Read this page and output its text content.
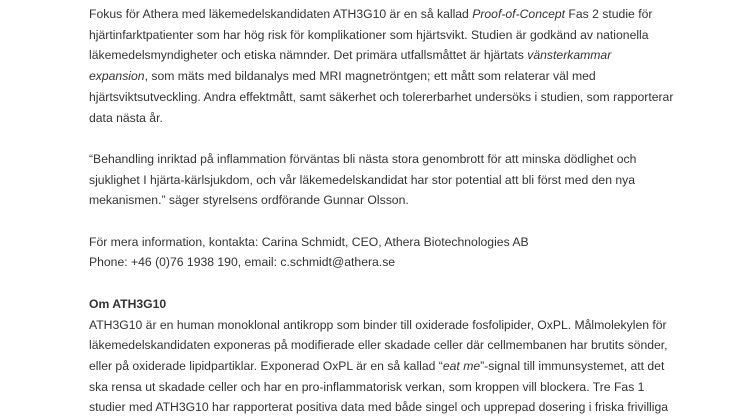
Fokus för Athera med läkemedelskandidaten ATH3G10 är en så kallad Proof-of-Concept Fas 2 studie för
hjärtinfarktpatienter som har hög risk för komplikationer som hjärtsvikt. Studien är godkänd av nationella
läkemedelsmyndigheter och etiska nämnder. Det primära utfallsmåttet är hjärtats vänsterkammar
expansion, som mäts med bildanalys med MRI magnetröntgen; ett mått som relaterar väl med
hjärtsviktsutveckling. Andra effektmått, samt säkerhet och tolererbarhet undersöks i studien, som rapporterar
data nästa år.
“Behandling inriktad på inflammation förväntas bli nästa stora genombrott för att minska dödlighet och
sjuklighet I hjärta-kärlsjukdom, och vår läkemedelskandidat har stor potential att bli först med den nya
mekanismen.” säger styrelsens ordförande Gunnar Olsson.
För mera information, kontakta: Carina Schmidt, CEO, Athera Biotechnologies AB
Phone: +46 (0)76 1938 190, email: c.schmidt@athera.se
Om ATH3G10
ATH3G10 är en human monoklonal antikropp som binder till oxiderade fosfolipider, OxPL. Målmolekylen för
läkemedelskandidaten exponeras på modifierade eller skadade celler där cellmembanen har brutits sönder,
eller på oxiderade lipidpartiklar. Exponerad OxPL är en så kallad “eat me”-signal till immunsystemet, att det
ska rensa ut skadade celler och har en pro-inflammatorisk verkan, som kroppen vill blockera. Tre Fas 1
studier med ATH3G10 har rapporterat positiva data med både singel och upprepad dosering i friska frivilliga
